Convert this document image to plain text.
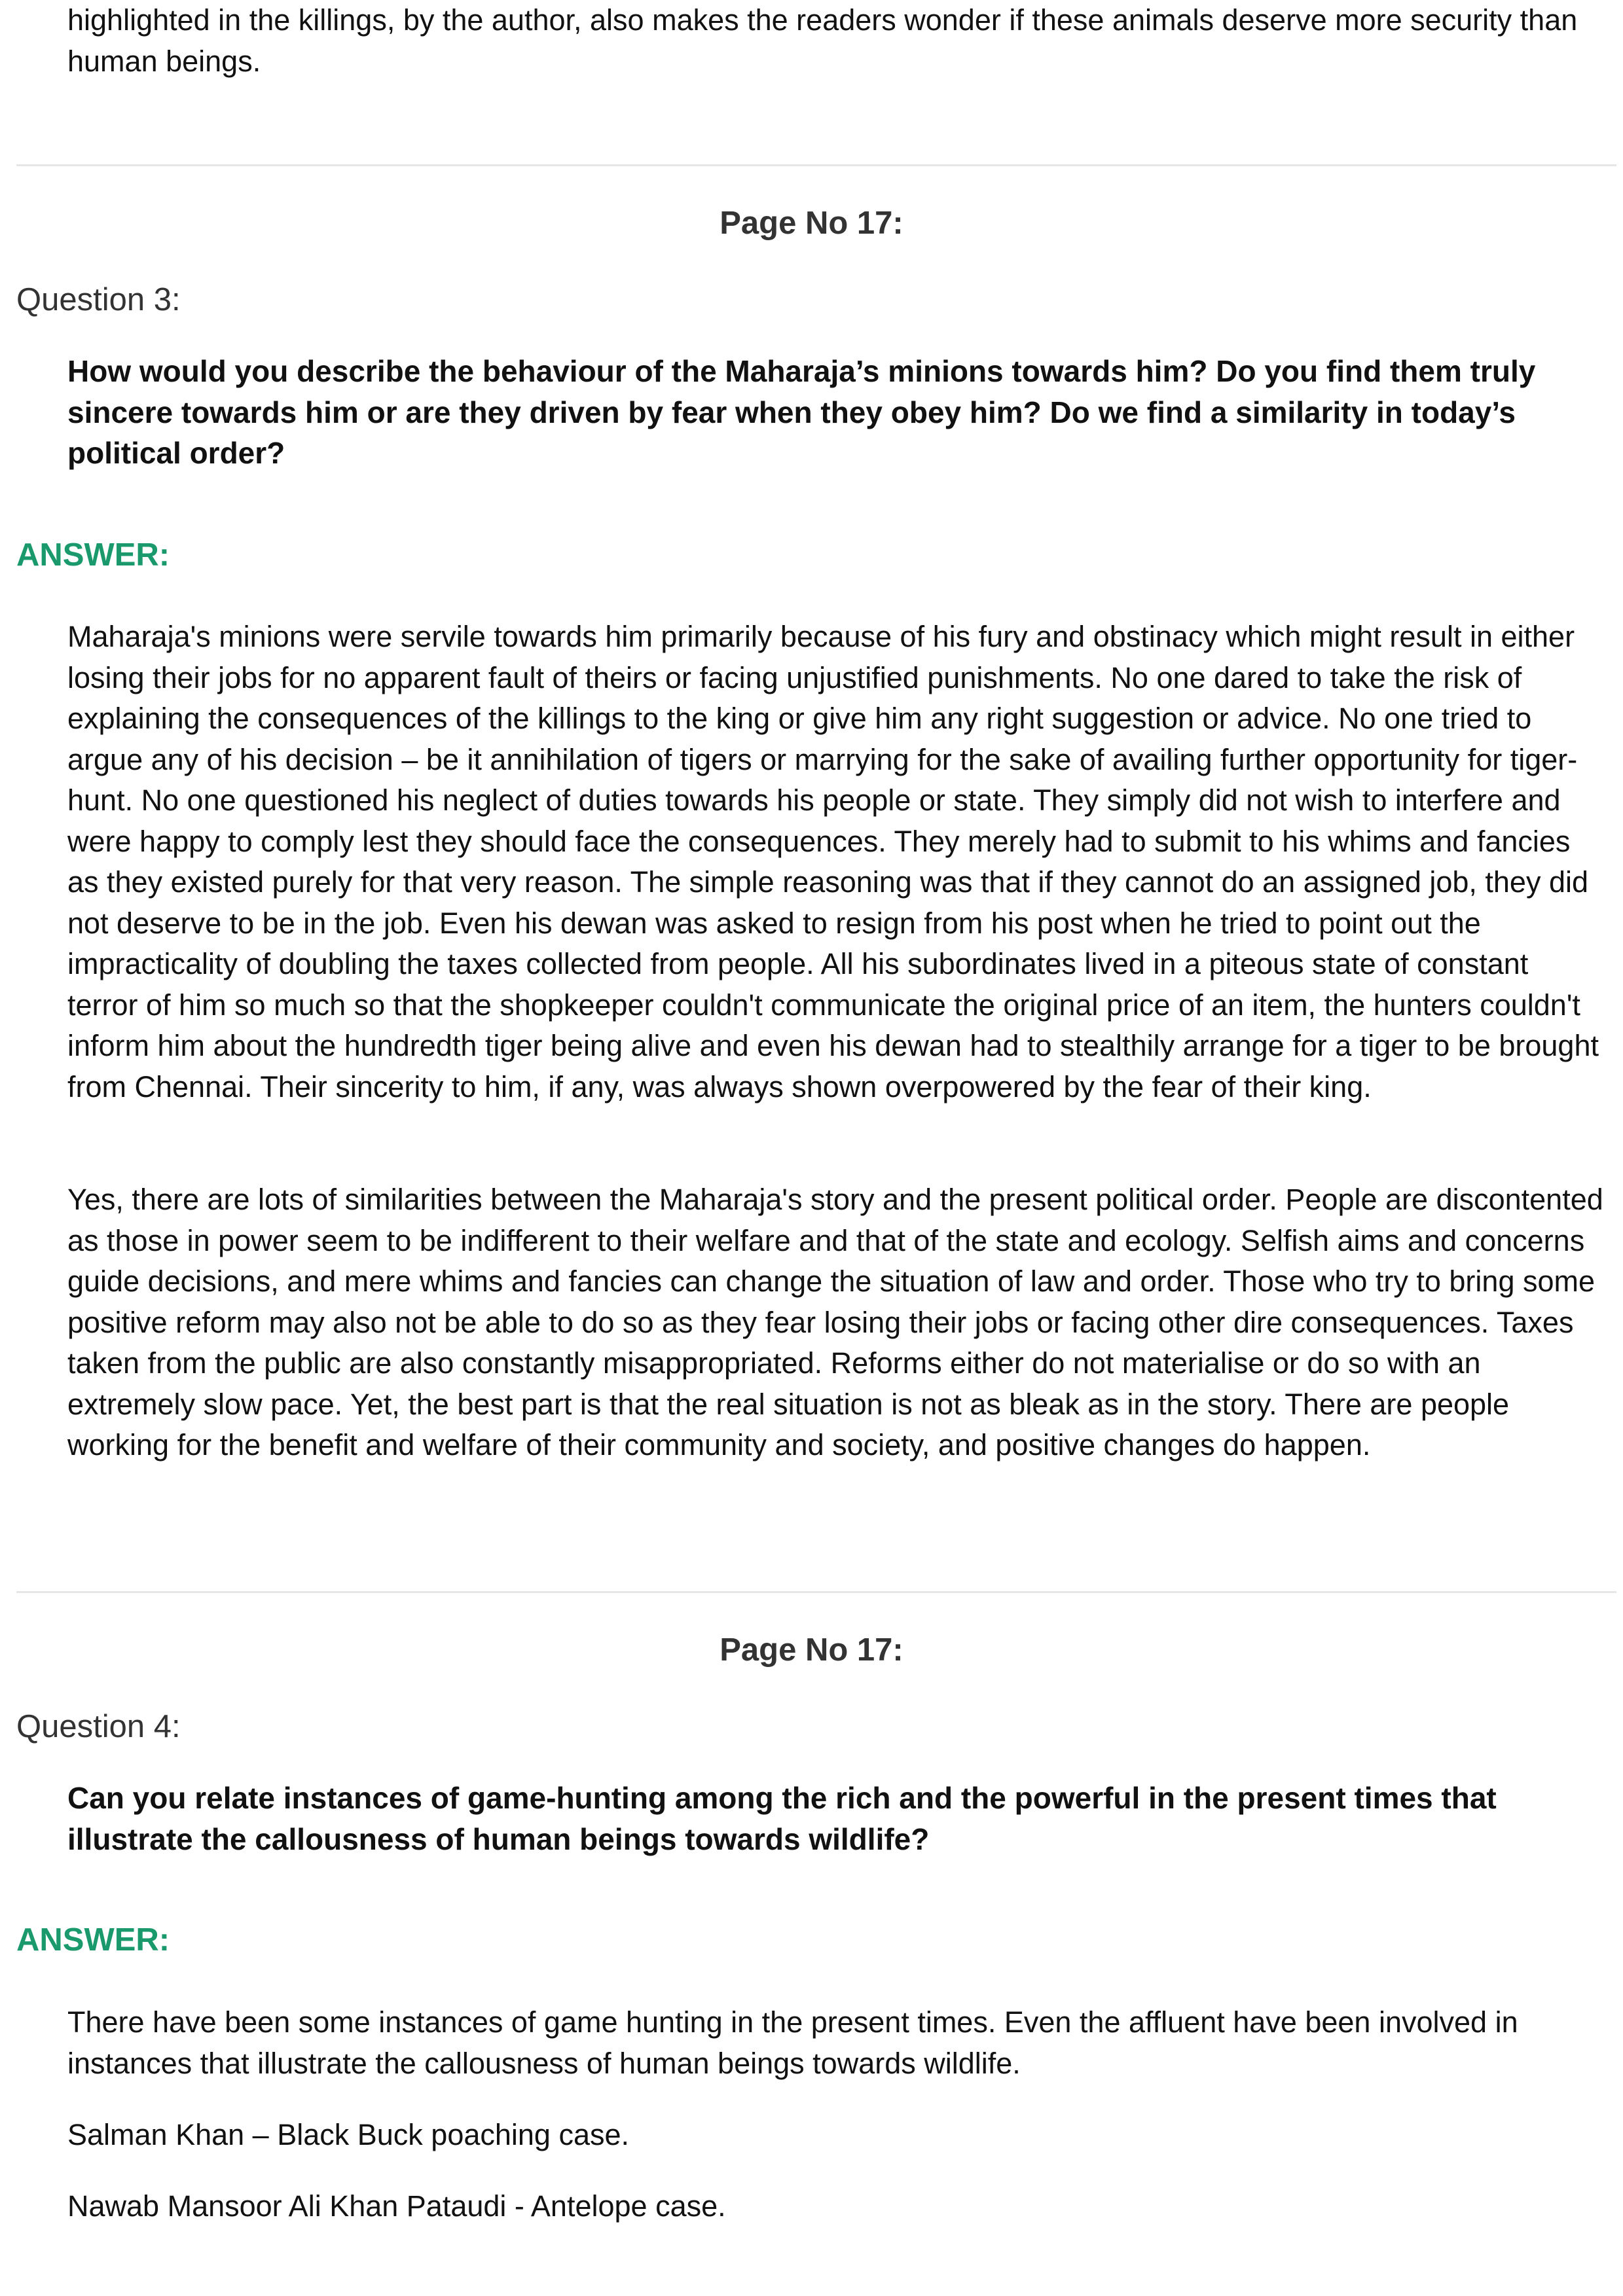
highlighted in the killings, by the author, also makes the readers wonder if these animals deserve more security than human beings.

Page No 17:

Question 3:

How would you describe the behaviour of the Maharaja’s minions towards him? Do you find them truly sincere towards him or are they driven by fear when they obey him? Do we find a similarity in today’s political order?

ANSWER:

Maharaja's minions were servile towards him primarily because of his fury and obstinacy which might result in either losing their jobs for no apparent fault of theirs or facing unjustified punishments. No one dared to take the risk of explaining the consequences of the killings to the king or give him any right suggestion or advice. No one tried to argue any of his decision – be it annihilation of tigers or marrying for the sake of availing further opportunity for tiger-hunt. No one questioned his neglect of duties towards his people or state. They simply did not wish to interfere and were happy to comply lest they should face the consequences. They merely had to submit to his whims and fancies as they existed purely for that very reason. The simple reasoning was that if they cannot do an assigned job, they did not deserve to be in the job. Even his dewan was asked to resign from his post when he tried to point out the impracticality of doubling the taxes collected from people. All his subordinates lived in a piteous state of constant terror of him so much so that the shopkeeper couldn't communicate the original price of an item, the hunters couldn't inform him about the hundredth tiger being alive and even his dewan had to stealthily arrange for a tiger to be brought from Chennai. Their sincerity to him, if any, was always shown overpowered by the fear of their king.

Yes, there are lots of similarities between the Maharaja's story and the present political order. People are discontented as those in power seem to be indifferent to their welfare and that of the state and ecology. Selfish aims and concerns guide decisions, and mere whims and fancies can change the situation of law and order. Those who try to bring some positive reform may also not be able to do so as they fear losing their jobs or facing other dire consequences. Taxes taken from the public are also constantly misappropriated. Reforms either do not materialise or do so with an extremely slow pace. Yet, the best part is that the real situation is not as bleak as in the story. There are people working for the benefit and welfare of their community and society, and positive changes do happen.

Page No 17:

Question 4:

Can you relate instances of game-hunting among the rich and the powerful in the present times that illustrate the callousness of human beings towards wildlife?

ANSWER:

There have been some instances of game hunting in the present times. Even the affluent have been involved in instances that illustrate the callousness of human beings towards wildlife.

Salman Khan – Black Buck poaching case.

Nawab Mansoor Ali Khan Pataudi - Antelope case.
